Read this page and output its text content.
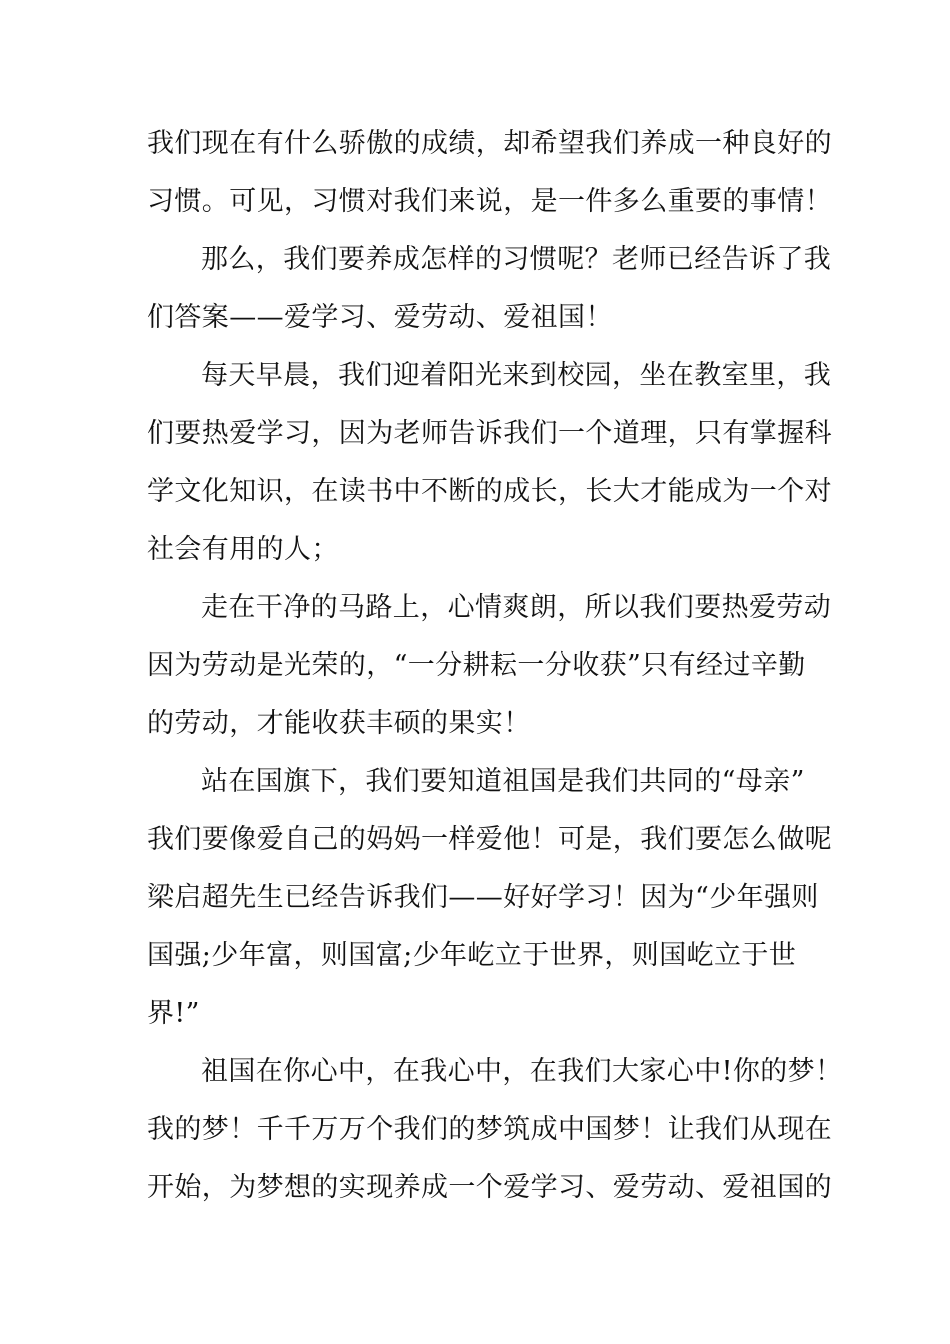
我们现在有什么骄傲的成绩，却希望我们养成一种良好的
习惯。可见，习惯对我们来说，是一件多么重要的事情！
那么，我们要养成怎样的习惯呢？老师已经告诉了我
们答案——爱学习、爱劳动、爱祖国！
每天早晨，我们迎着阳光来到校园，坐在教室里，我
们要热爱学习，因为老师告诉我们一个道理，只有掌握科
学文化知识，在读书中不断的成长，长大才能成为一个对
社会有用的人；
走在干净的马路上，心情爽朗，所以我们要热爱劳动
因为劳动是光荣的，“一分耕耘一分收获”只有经过辛勤
的劳动，才能收获丰硕的果实！
站在国旗下，我们要知道祖国是我们共同的“母亲”
我们要像爱自己的妈妈一样爱他！可是，我们要怎么做呢
梁启超先生已经告诉我们——好好学习！因为“少年强则
国强;少年富，则国富;少年屹立于世界，则国屹立于世
界!”
祖国在你心中，在我心中，在我们大家心中!你的梦！
我的梦！千千万万个我们的梦筑成中国梦！让我们从现在
开始，为梦想的实现养成一个爱学习、爱劳动、爱祖国的
